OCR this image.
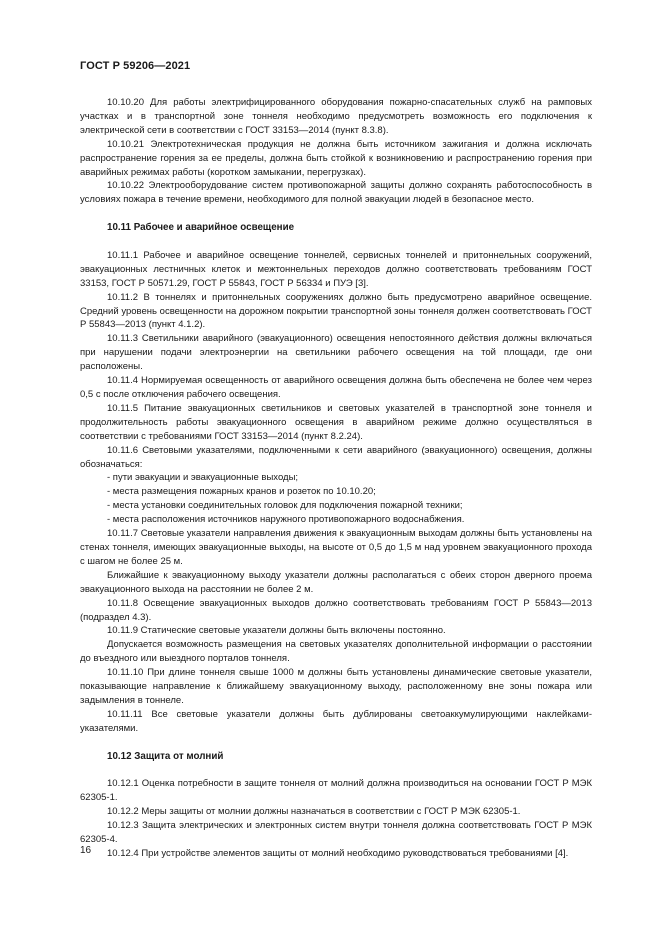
ГОСТ Р 59206—2021

10.10.20 Для работы электрифицированного оборудования пожарно-спасательных служб на рамповых участках и в транспортной зоне тоннеля необходимо предусмотреть возможность его подключения к электрической сети в соответствии с ГОСТ 33153—2014 (пункт 8.3.8).

10.10.21 Электротехническая продукция не должна быть источником зажигания и должна исключать распространение горения за ее пределы, должна быть стойкой к возникновению и распространению горения при аварийных режимах работы (коротком замыкании, перегрузках).

10.10.22 Электрооборудование систем противопожарной защиты должно сохранять работоспособность в условиях пожара в течение времени, необходимого для полной эвакуации людей в безопасное место.

10.11 Рабочее и аварийное освещение

10.11.1 Рабочее и аварийное освещение тоннелей, сервисных тоннелей и притоннельных сооружений, эвакуационных лестничных клеток и межтоннельных переходов должно соответствовать требованиям ГОСТ 33153, ГОСТ Р 50571.29, ГОСТ Р 55843, ГОСТ Р 56334 и ПУЭ [3].

10.11.2 В тоннелях и притоннельных сооружениях должно быть предусмотрено аварийное освещение. Средний уровень освещенности на дорожном покрытии транспортной зоны тоннеля должен соответствовать ГОСТ Р 55843—2013 (пункт 4.1.2).

10.11.3 Светильники аварийного (эвакуационного) освещения непостоянного действия должны включаться при нарушении подачи электроэнергии на светильники рабочего освещения на той площади, где они расположены.

10.11.4 Нормируемая освещенность от аварийного освещения должна быть обеспечена не более чем через 0,5 с после отключения рабочего освещения.

10.11.5 Питание эвакуационных светильников и световых указателей в транспортной зоне тоннеля и продолжительность работы эвакуационного освещения в аварийном режиме должно осуществляться в соответствии с требованиями ГОСТ 33153—2014 (пункт 8.2.24).

10.11.6 Световыми указателями, подключенными к сети аварийного (эвакуационного) освещения, должны обозначаться:

- пути эвакуации и эвакуационные выходы;

- места размещения пожарных кранов и розеток по 10.10.20;

- места установки соединительных головок для подключения пожарной техники;

- места расположения источников наружного противопожарного водоснабжения.

10.11.7 Световые указатели направления движения к эвакуационным выходам должны быть установлены на стенах тоннеля, имеющих эвакуационные выходы, на высоте от 0,5 до 1,5 м над уровнем эвакуационного прохода с шагом не более 25 м.

Ближайшие к эвакуационному выходу указатели должны располагаться с обеих сторон дверного проема эвакуационного выхода на расстоянии не более 2 м.

10.11.8 Освещение эвакуационных выходов должно соответствовать требованиям ГОСТ Р 55843—2013 (подраздел 4.3).

10.11.9 Статические световые указатели должны быть включены постоянно.

Допускается возможность размещения на световых указателях дополнительной информации о расстоянии до въездного или выездного порталов тоннеля.

10.11.10 При длине тоннеля свыше 1000 м должны быть установлены динамические световые указатели, показывающие направление к ближайшему эвакуационному выходу, расположенному вне зоны пожара или задымления в тоннеле.

10.11.11 Все световые указатели должны быть дублированы светоаккумулирующими наклейками-указателями.

10.12 Защита от молний

10.12.1 Оценка потребности в защите тоннеля от молний должна производиться на основании ГОСТ Р МЭК 62305-1.

10.12.2 Меры защиты от молнии должны назначаться в соответствии с ГОСТ Р МЭК 62305-1.

10.12.3 Защита электрических и электронных систем внутри тоннеля должна соответствовать ГОСТ Р МЭК 62305-4.

10.12.4 При устройстве элементов защиты от молний необходимо руководствоваться требованиями [4].

16
